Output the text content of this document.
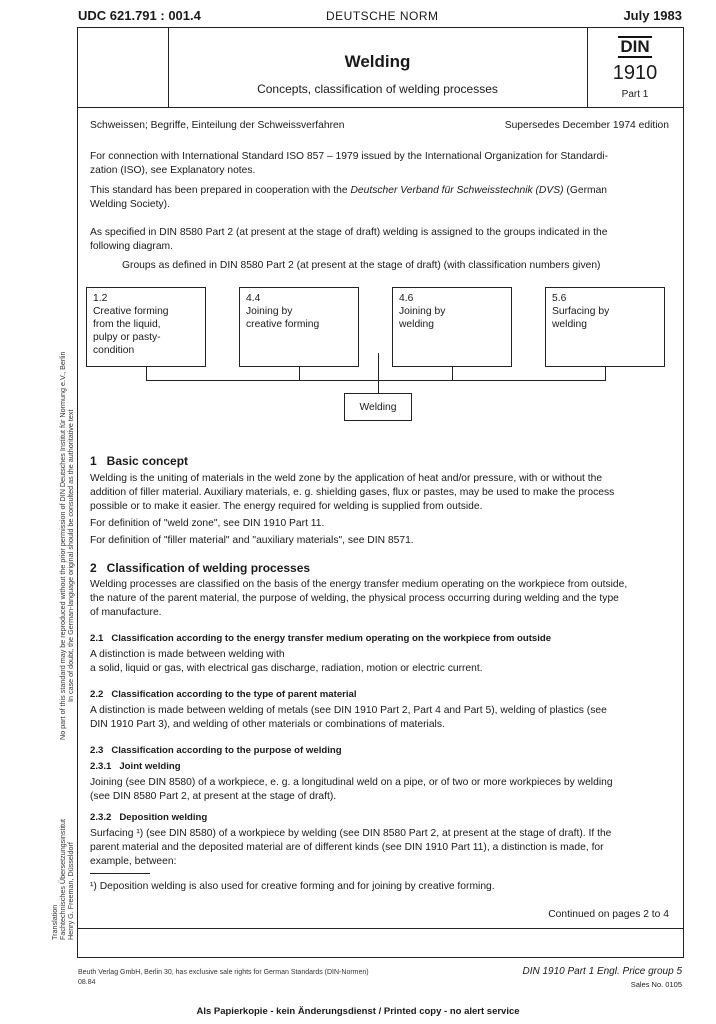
UDC 621.791 : 001.4	DEUTSCHE NORM	July 1983
Welding
Concepts, classification of welding processes
DIN
1910
Part 1
Schweissen; Begriffe, Einteilung der Schweissverfahren	Supersedes December 1974 edition

For connection with International Standard ISO 857 – 1979 issued by the International Organization for Standardi-

zation (ISO), see Explanatory notes.

This standard has been prepared in cooperation with the Deutscher Verband für Schweisstechnik (DVS) (German

Welding Society).

As specified in DIN 8580 Part 2 (at present at the stage of draft) welding is assigned to the groups indicated in the

following diagram.

Groups as defined in DIN 8580 Part 2 (at present at the stage of draft) (with classification numbers given)
1.2
Creative forming
from the liquid,
pulpy or pasty-
condition
4.4
Joining by
creative forming
4.6
Joining by
welding
5.6
Surfacing by
welding
Welding
1   Basic concept

Welding is the uniting of materials in the weld zone by the application of heat and/or pressure, with or without the

addition of filler material. Auxiliary materials, e. g. shielding gases, flux or pastes, may be used to make the process

possible or to make it easier. The energy required for welding is supplied from outside.

For definition of "weld zone", see DIN 1910 Part 11.

For definition of "filler material" and "auxiliary materials", see DIN 8571.

2   Classification of welding processes

Welding processes are classified on the basis of the energy transfer medium operating on the workpiece from outside,

the nature of the parent material, the purpose of welding, the physical process occurring during welding and the type

of manufacture.

2.1   Classification according to the energy transfer medium operating on the workpiece from outside

A distinction is made between welding with

a solid, liquid or gas, with electrical gas discharge, radiation, motion or electric current.

2.2   Classification according to the type of parent material

A distinction is made between welding of metals (see DIN 1910 Part 2, Part 4 and Part 5), welding of plastics (see

DIN 1910 Part 3), and welding of other materials or combinations of materials.

2.3   Classification according to the purpose of welding
2.3.1   Joint welding

Joining (see DIN 8580) of a workpiece, e. g. a longitudinal weld on a pipe, or of two or more workpieces by welding

(see DIN 8580 Part 2, at present at the stage of draft).

2.3.2   Deposition welding

Surfacing ¹) (see DIN 8580) of a workpiece by welding (see DIN 8580 Part 2, at present at the stage of draft). If the

parent material and the deposited material are of different kinds (see DIN 1910 Part 11), a distinction is made, for

example, between:

¹) Deposition welding is also used for creative forming and for joining by creative forming.
Continued on pages 2 to 4
Beuth Verlag GmbH, Berlin 30, has exclusive sale rights for German Standards (DIN-Normen)
08.84
DIN 1910 Part 1 Engl. Price group 5
Sales No. 0105
Als Papierkopie - kein Änderungsdienst / Printed copy - no alert service
No part of this standard may be reproduced without the prior permission of DIN Deutsches Institut für Normung e.V., Berlin In case of doubt, the German-language original should be consulted as the authoritative text
Translation Fachtechnisches Übersetzungsinstitut Henry G. Freeman, Düsseldorf
